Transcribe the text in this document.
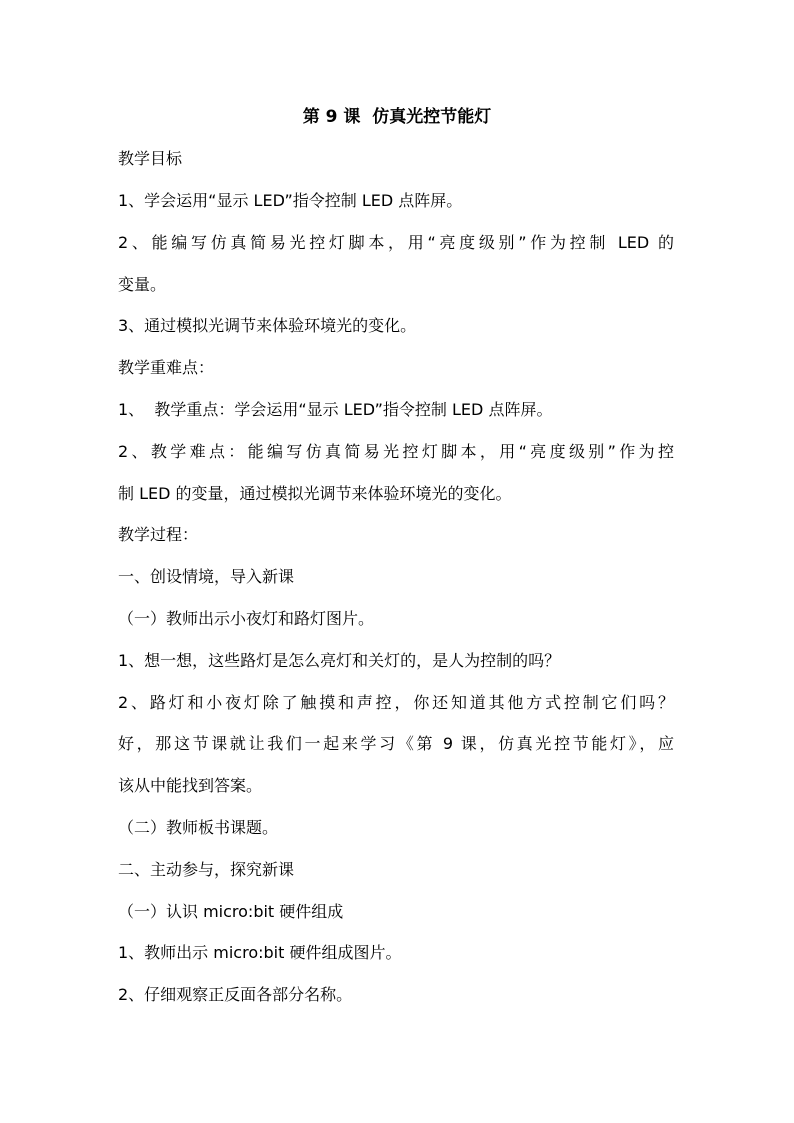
第 9 课  仿真光控节能灯
教学目标
1、学会运用“显示 LED”指令控制 LED 点阵屏。
2、能编写仿真简易光控灯脚本，用“亮度级别”作为控制 LED 的
变量。
3、通过模拟光调节来体验环境光的变化。
教学重难点：
1、  教学重点：学会运用“显示 LED”指令控制 LED 点阵屏。
2、教学难点：能编写仿真简易光控灯脚本，用“亮度级别”作为控
制 LED 的变量，通过模拟光调节来体验环境光的变化。
教学过程：
一、创设情境，导入新课
（一）教师出示小夜灯和路灯图片。
1、想一想，这些路灯是怎么亮灯和关灯的，是人为控制的吗？
2、路灯和小夜灯除了触摸和声控，你还知道其他方式控制它们吗？
好，那这节课就让我们一起来学习《第 9 课，仿真光控节能灯》，应
该从中能找到答案。
（二）教师板书课题。
二、主动参与，探究新课
（一）认识 micro:bit 硬件组成
1、教师出示 micro:bit 硬件组成图片。
2、仔细观察正反面各部分名称。
